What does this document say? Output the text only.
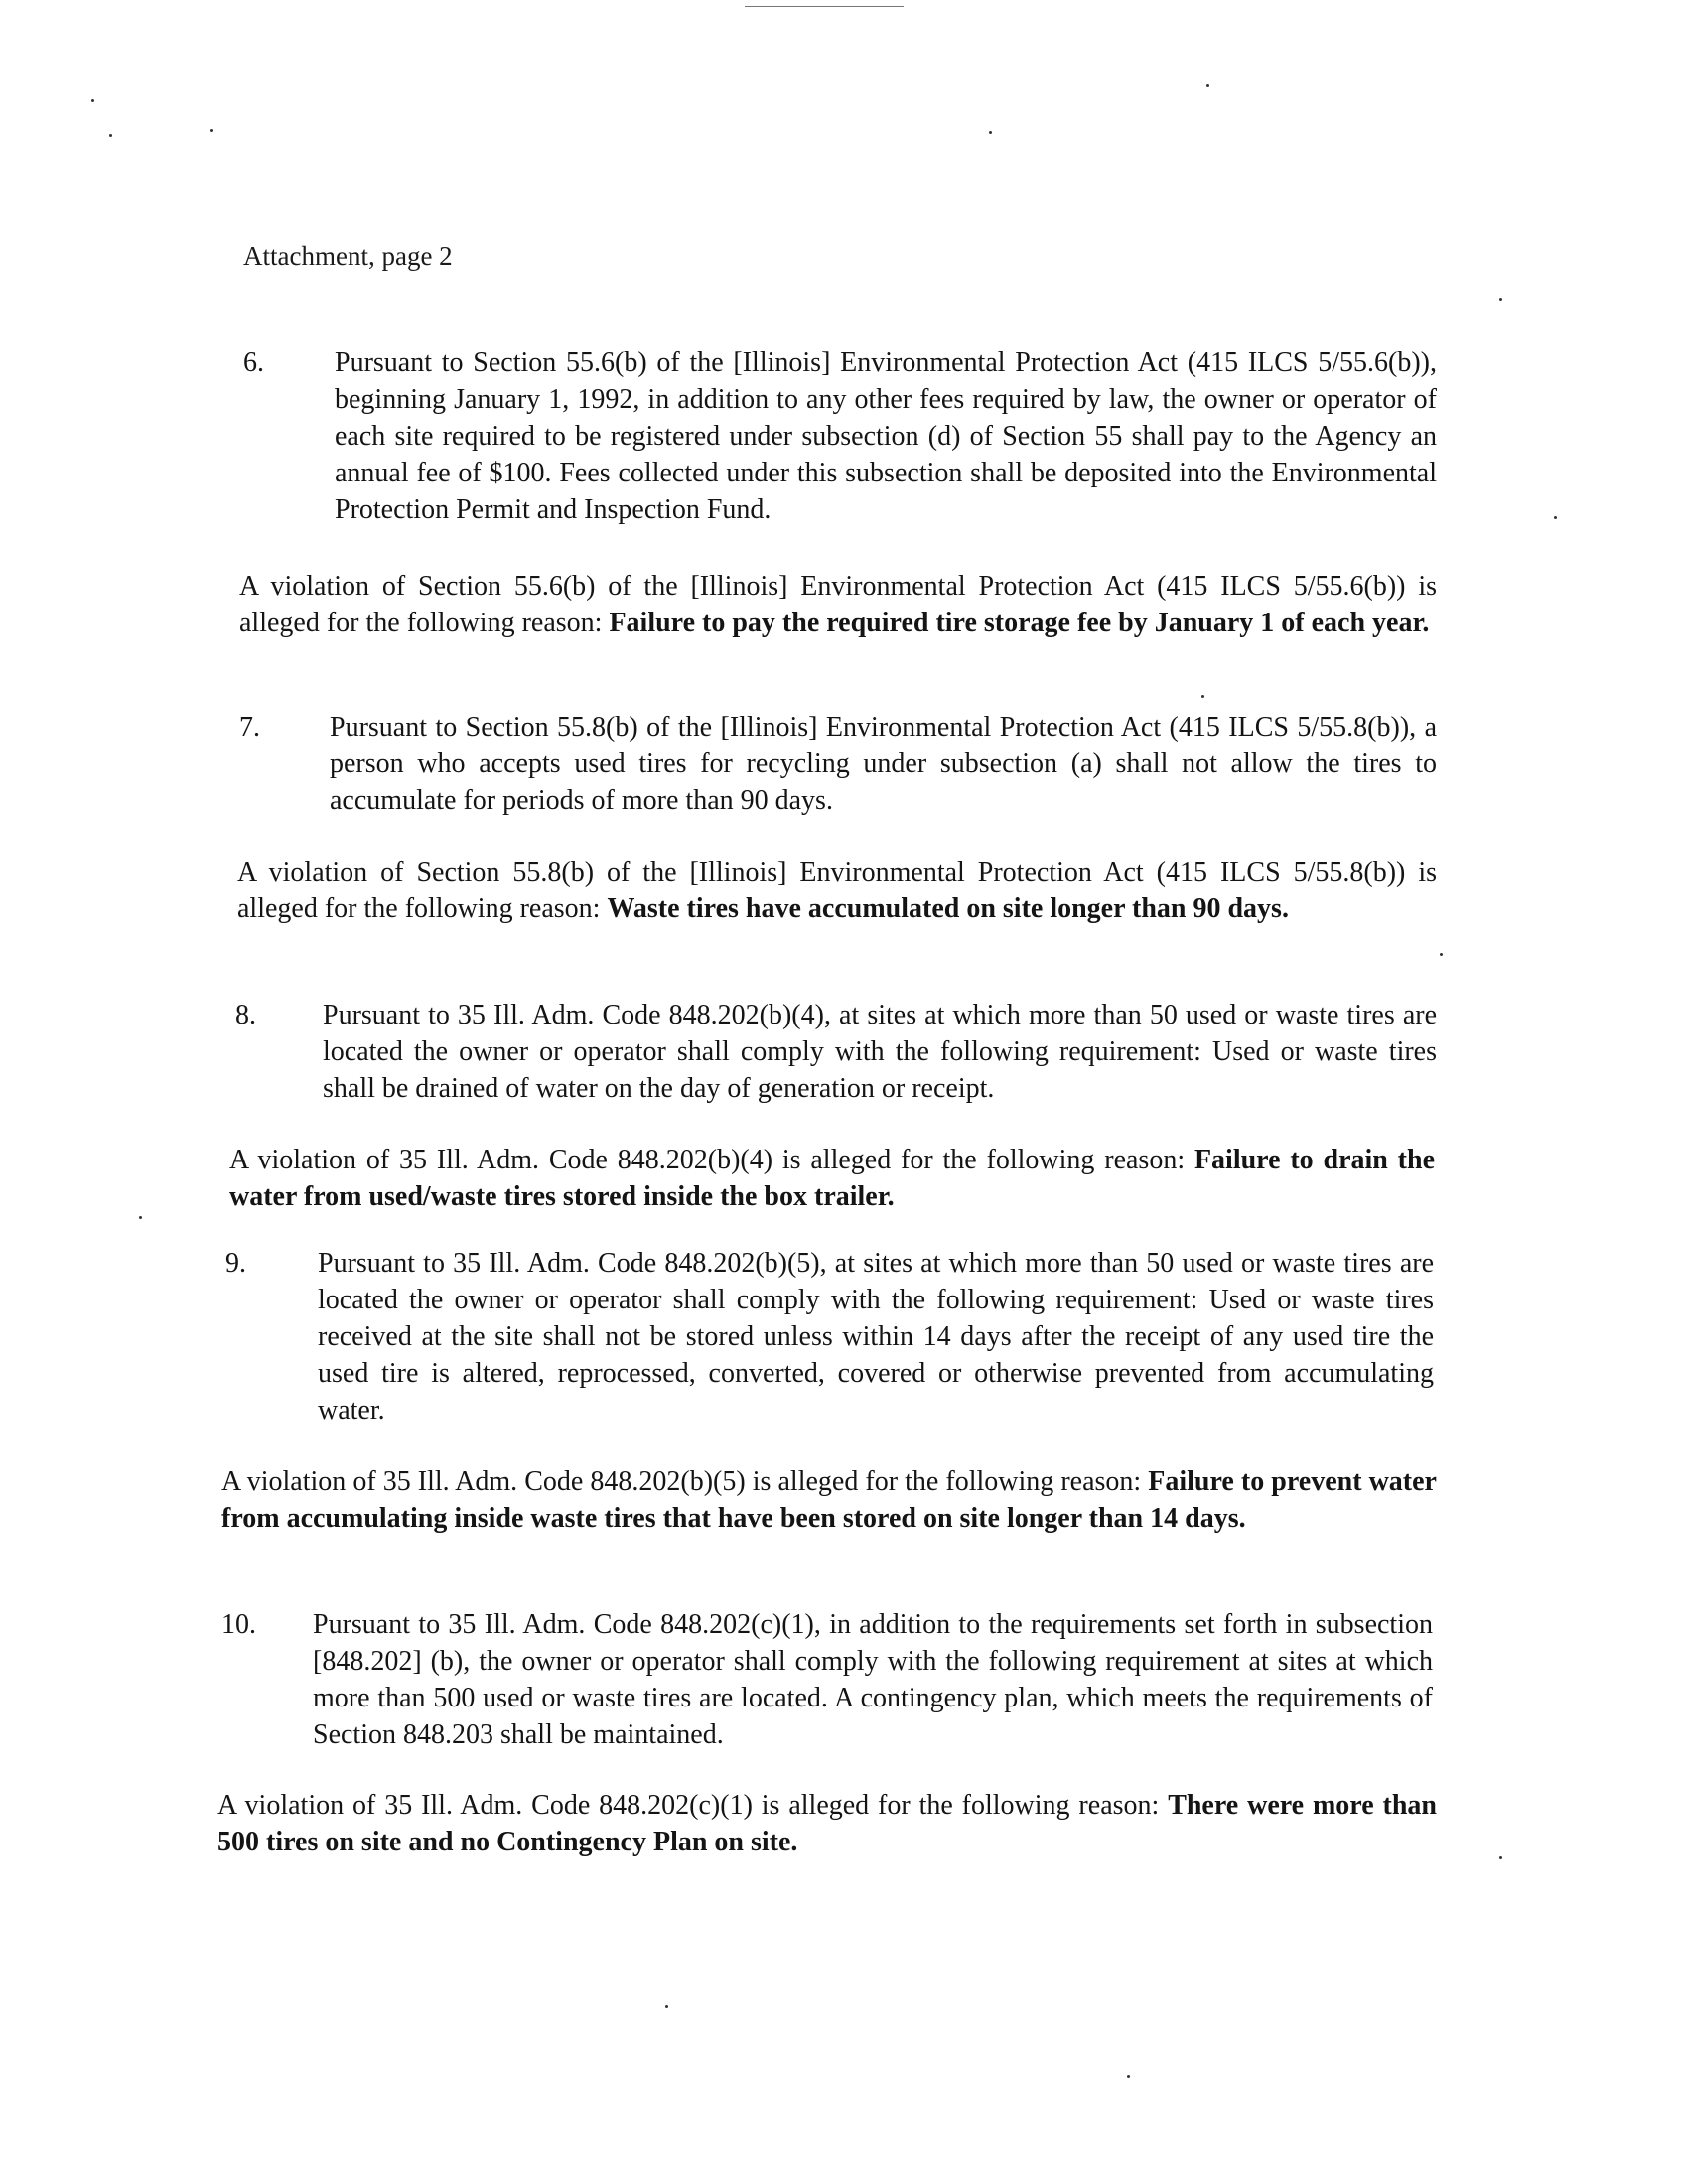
Attachment, page 2
6.	Pursuant to Section 55.6(b) of the [Illinois] Environmental Protection Act (415 ILCS 5/55.6(b)), beginning January 1, 1992, in addition to any other fees required by law, the owner or operator of each site required to be registered under subsection (d) of Section 55 shall pay to the Agency an annual fee of $100. Fees collected under this subsection shall be deposited into the Environmental Protection Permit and Inspection Fund.
A violation of Section 55.6(b) of the [Illinois] Environmental Protection Act (415 ILCS 5/55.6(b)) is alleged for the following reason: Failure to pay the required tire storage fee by January 1 of each year.
7.	Pursuant to Section 55.8(b) of the [Illinois] Environmental Protection Act (415 ILCS 5/55.8(b)), a person who accepts used tires for recycling under subsection (a) shall not allow the tires to accumulate for periods of more than 90 days.
A violation of Section 55.8(b) of the [Illinois] Environmental Protection Act (415 ILCS 5/55.8(b)) is alleged for the following reason: Waste tires have accumulated on site longer than 90 days.
8. Pursuant to 35 Ill. Adm. Code 848.202(b)(4), at sites at which more than 50 used or waste tires are located the owner or operator shall comply with the following requirement: Used or waste tires shall be drained of water on the day of generation or receipt.
A violation of 35 Ill. Adm. Code 848.202(b)(4) is alleged for the following reason: Failure to drain the water from used/waste tires stored inside the box trailer.
9.	Pursuant to 35 Ill. Adm. Code 848.202(b)(5), at sites at which more than 50 used or waste tires are located the owner or operator shall comply with the following requirement: Used or waste tires received at the site shall not be stored unless within 14 days after the receipt of any used tire the used tire is altered, reprocessed, converted, covered or otherwise prevented from accumulating water.
A violation of 35 Ill. Adm. Code 848.202(b)(5) is alleged for the following reason: Failure to prevent water from accumulating inside waste tires that have been stored on site longer than 14 days.
10. Pursuant to 35 Ill. Adm. Code 848.202(c)(1), in addition to the requirements set forth in subsection [848.202] (b), the owner or operator shall comply with the following requirement at sites at which more than 500 used or waste tires are located. A contingency plan, which meets the requirements of Section 848.203 shall be maintained.
A violation of 35 Ill. Adm. Code 848.202(c)(1) is alleged for the following reason: There were more than 500 tires on site and no Contingency Plan on site.
